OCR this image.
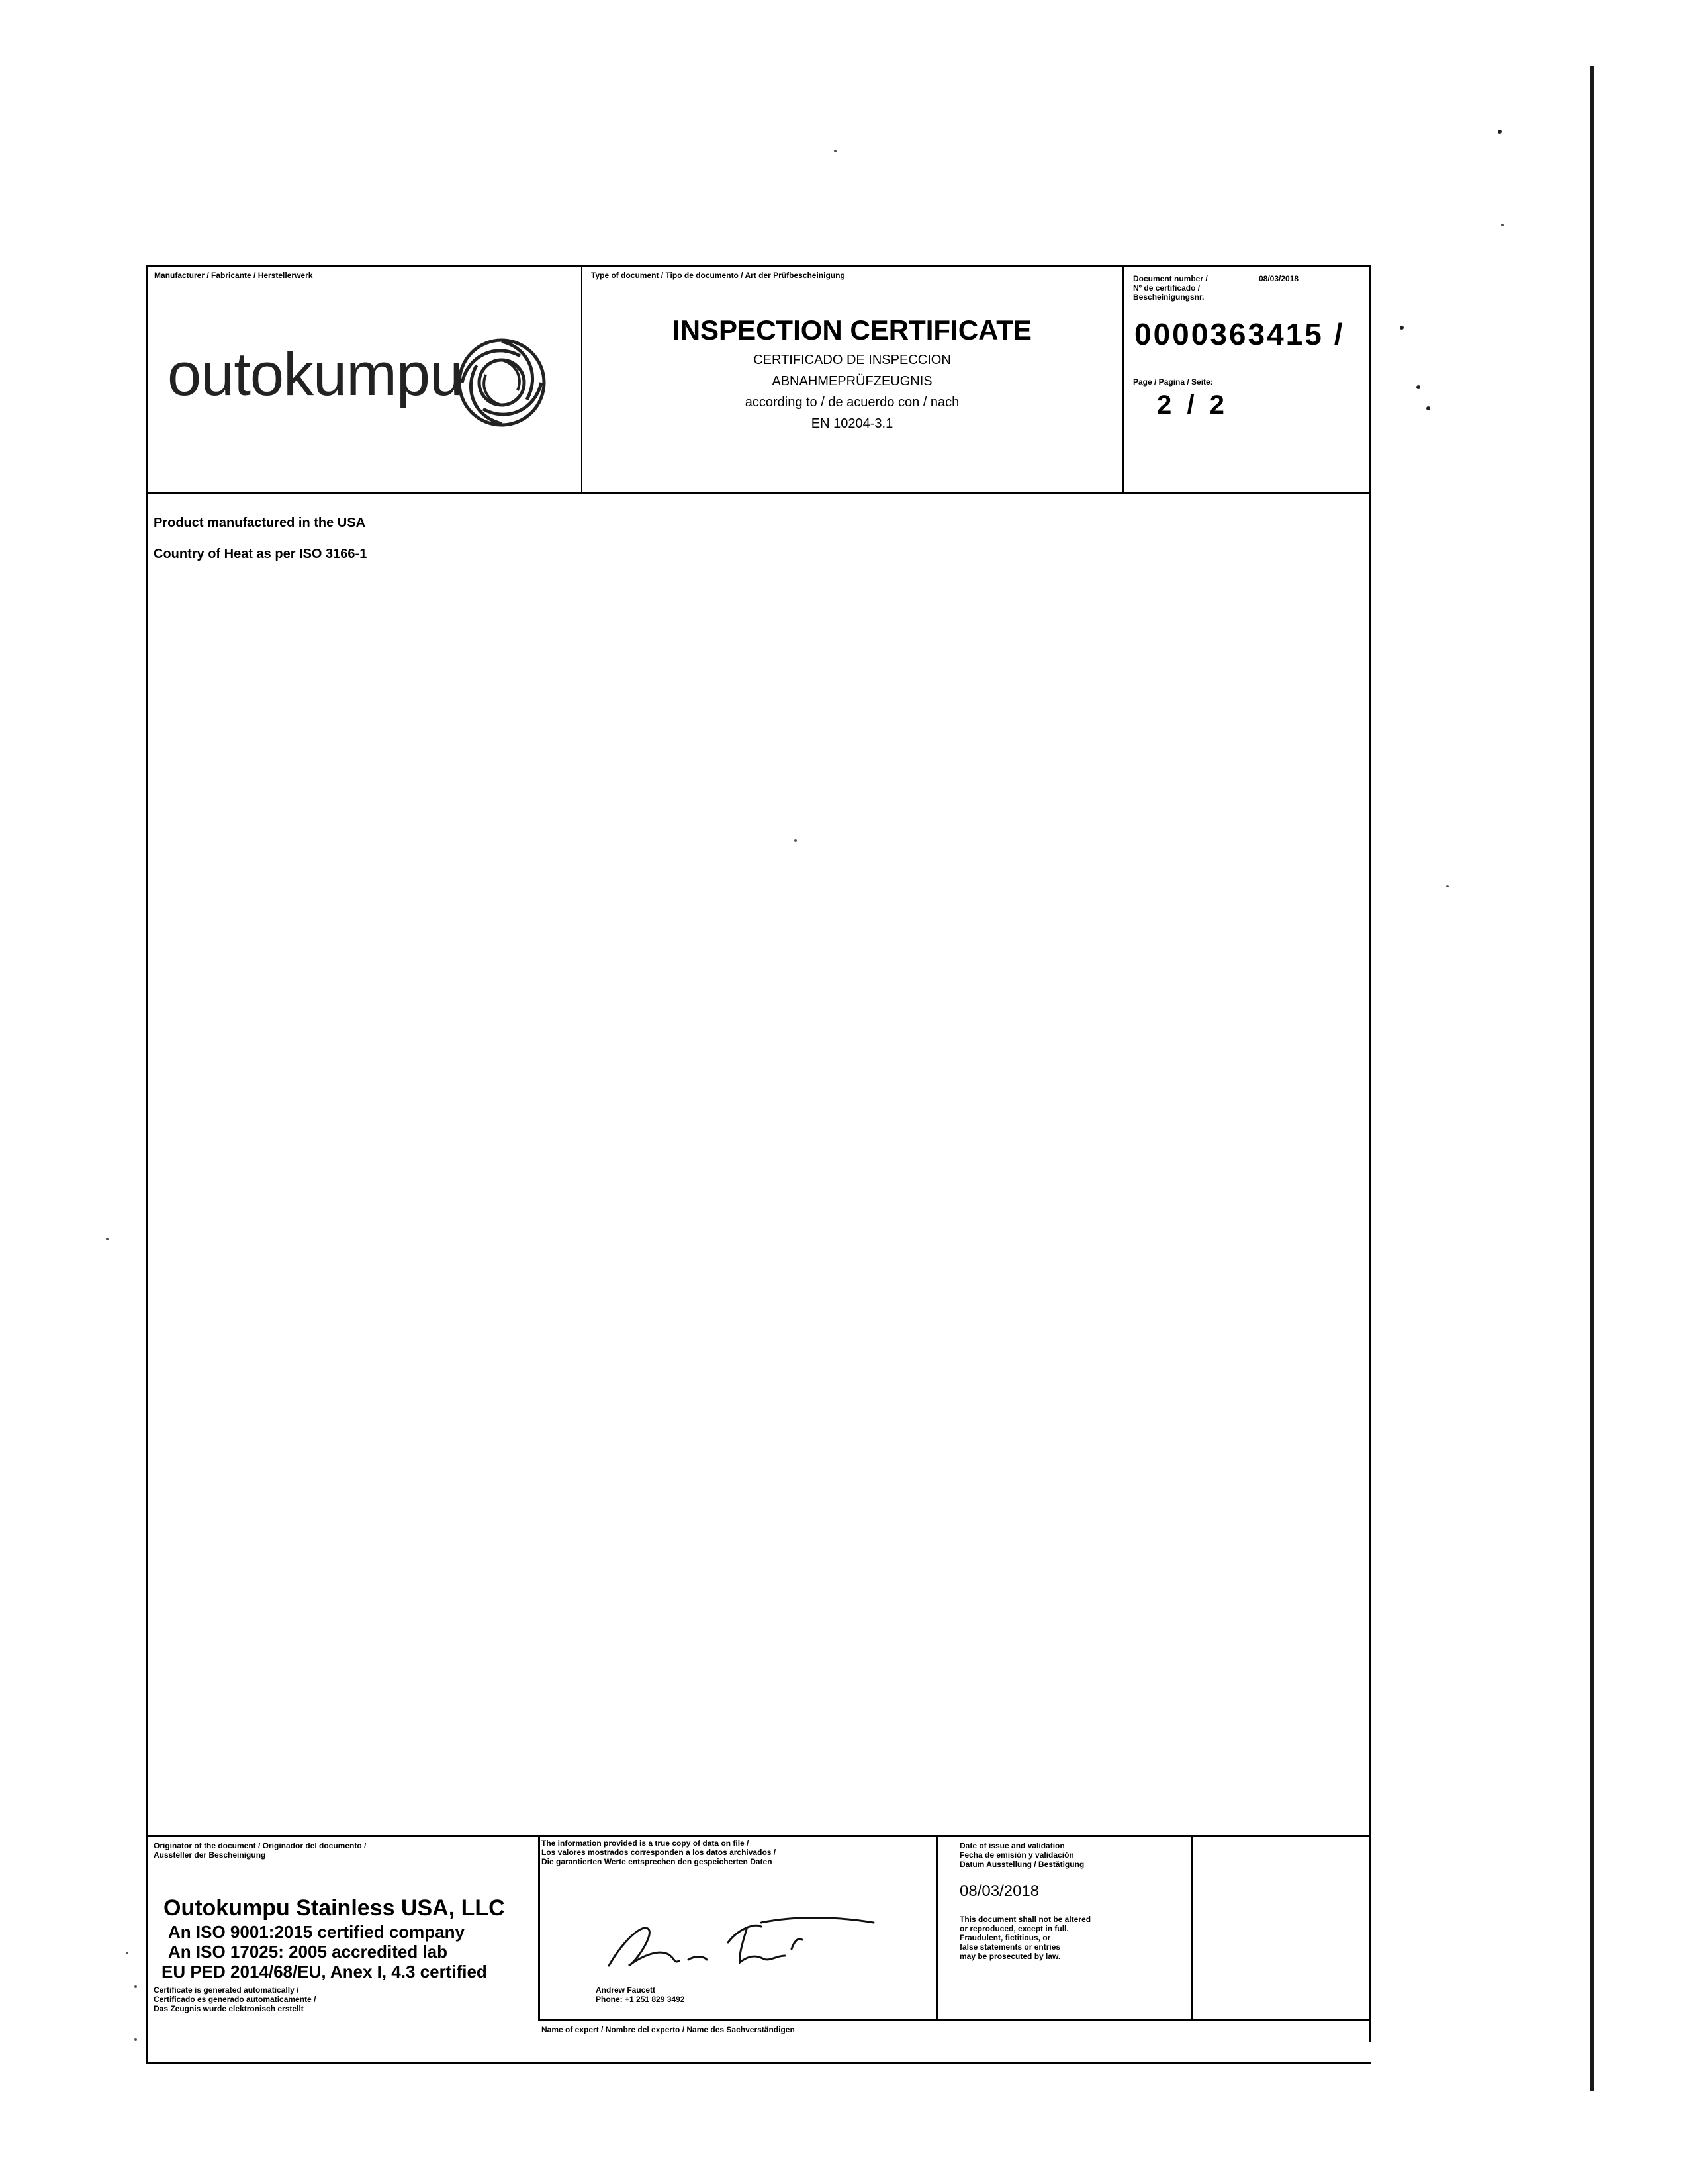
Manufacturer / Fabricante / Herstellerwerk
outokumpu
Type of document / Tipo de documento / Art der Prüfbescheinigung
INSPECTION CERTIFICATE
CERTIFICADO DE INSPECCION
ABNAHMEPRÜFZEUGNIS
according to / de acuerdo con / nach
EN 10204-3.1
Document number /
Nº de certificado /
Bescheinigungsnr.
08/03/2018
0000363415 /
Page / Pagina / Seite:
2 / 2
Product manufactured in the USA
Country of Heat as per ISO 3166-1
Originator of the document / Originador del documento /
Aussteller der Bescheinigung
Outokumpu Stainless USA, LLC
An ISO 9001:2015 certified company
An ISO 17025: 2005 accredited lab
EU PED 2014/68/EU, Anex I, 4.3 certified
Certificate is generated automatically /
Certificado es generado automaticamente /
Das Zeugnis wurde elektronisch erstellt
The information provided is a true copy of data on file /
Los valores mostrados corresponden a los datos archivados /
Die garantierten Werte entsprechen den gespeicherten Daten
Andrew Faucett
Phone: +1 251 829 3492
Name of expert / Nombre del experto / Name des Sachverständigen
Date of issue and validation
Fecha de emisión y validación
Datum Ausstellung / Bestätigung
08/03/2018
This document shall not be altered
or reproduced, except in full.
Fraudulent, fictitious, or
false statements or entries
may be prosecuted by law.
